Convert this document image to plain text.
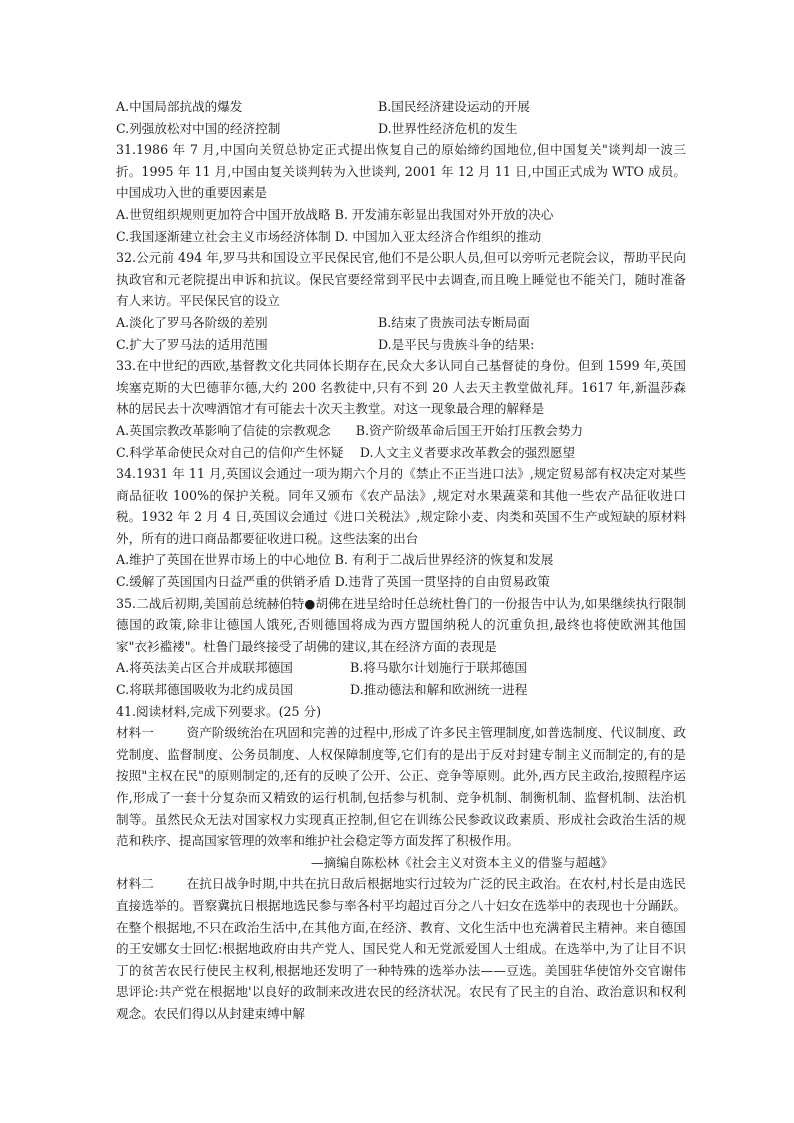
A.中国局部抗战的爆发	B.国民经济建设运动的开展
C.列强放松对中国的经济控制	D.世界性经济危机的发生
31.1986 年 7 月,中国向关贸总协定正式提出恢复自己的原始缔约国地位,但中国复关"谈判却一波三折。1995 年 11 月,中国由复关谈判转为入世谈判, 2001 年 12 月 11 日,中国正式成为 WTO 成员。中国成功入世的重要因素是
A.世贸组织规则更加符合中国开放战略 B. 开发浦东彰显出我国对外开放的决心
C.我国逐渐建立社会主义市场经济体制 D. 中国加入亚太经济合作组织的推动
32.公元前 494 年,罗马共和国设立平民保民官,他们不是公职人员,但可以旁听元老院会议，帮助平民向执政官和元老院提出申诉和抗议。保民官要经常到平民中去调查,而且晚上睡觉也不能关门，随时准备有人来访。平民保民官的设立
A.淡化了罗马各阶级的差别	B.结束了贵族司法专断局面
C.扩大了罗马法的适用范围	D.是平民与贵族斗争的结果:
33.在中世纪的西欧,基督教文化共同体长期存在,民众大多认同自己基督徒的身份。但到 1599 年,英国埃塞克斯的大巴德菲尔德,大约 200 名教徒中,只有不到 20 人去天主教堂做礼拜。1617 年,新温莎森林的居民去十次啤酒馆才有可能去十次天主教堂。对这一现象最合理的解释是
A.英国宗教改革影响了信徒的宗教观念　　B.资产阶级革命后国王开始打压教会势力
C.科学革命使民众对自己的信仰产生怀疑　 D.人文主义者要求改革教会的强烈愿望
34.1931 年 11 月,英国议会通过一项为期六个月的《禁止不正当进口法》,规定贸易部有权决定对某些商品征收 100%的保护关税。同年又颁布《农产品法》,规定对水果蔬菜和其他一些农产品征收进口税。1932 年 2 月 4 日,英国议会通过《进口关税法》,规定除小麦、肉类和英国不生产或短缺的原材料外，所有的进口商品都要征收进口税。这些法案的出台
A.维护了英国在世界市场上的中心地位 B. 有利于二战后世界经济的恢复和发展
C.缓解了英国国内日益严重的供销矛盾 D.违背了英国一贯坚持的自由贸易政策
35.二战后初期,美国前总统赫伯特●胡佛在进呈给时任总统杜鲁门的一份报告中认为,如果继续执行限制德国的政策,除非让德国人饿死,否则德国将成为西方盟国纳税人的沉重负担,最终也将使欧洲其他国家"衣衫褴褛"。杜鲁门最终接受了胡佛的建议,其在经济方面的表现是
A.将英法美占区合并成联邦德国	B.将马歇尔计划施行于联邦德国
C.将联邦德国吸收为北约成员国	D.推动德法和解和欧洲统一进程
41.阅读材料,完成下列要求。(25 分)
材料一　资产阶级统治在巩固和完善的过程中,形成了许多民主管理制度,如普选制度、代议制度、政党制度、监督制度、公务员制度、人权保障制度等,它们有的是出于反对封建专制主义而制定的,有的是按照"主权在民"的原则制定的,还有的反映了公开、公正、竞争等原则。此外,西方民主政治,按照程序运作,形成了一套十分复杂而又精致的运行机制,包括参与机制、竞争机制、制衡机制、监督机制、法治机制等。虽然民众无法对国家权力实现真正控制,但它在训练公民参政议政素质、形成社会政治生活的规范和秩序、提高国家管理的效率和维护社会稳定等方面发挥了积极作用。
—摘编自陈松林《社会主义对资本主义的借鉴与超越》
材料二　在抗日战争时期,中共在抗日敌后根据地实行过较为广泛的民主政治。在农村,村长是由选民直接选举的。晋察冀抗日根据地选民参与率各村平均超过百分之八十妇女在选举中的表现也十分踊跃。在整个根据地,不只在政治生活中,在其他方面,在经济、教育、文化生活中也充满着民主精神。来自德国的王安娜女士回忆:根据地政府由共产党人、国民党人和无党派爱国人士组成。在选举中,为了让目不识丁的贫苦农民行使民主权利,根据地还发明了一种特殊的选举办法——豆选。美国驻华使馆外交官谢伟思评论:共产党在根据地'以良好的政制来改进农民的经济状况。农民有了民主的自治、政治意识和权利观念。农民们得以从封建束缚中解
